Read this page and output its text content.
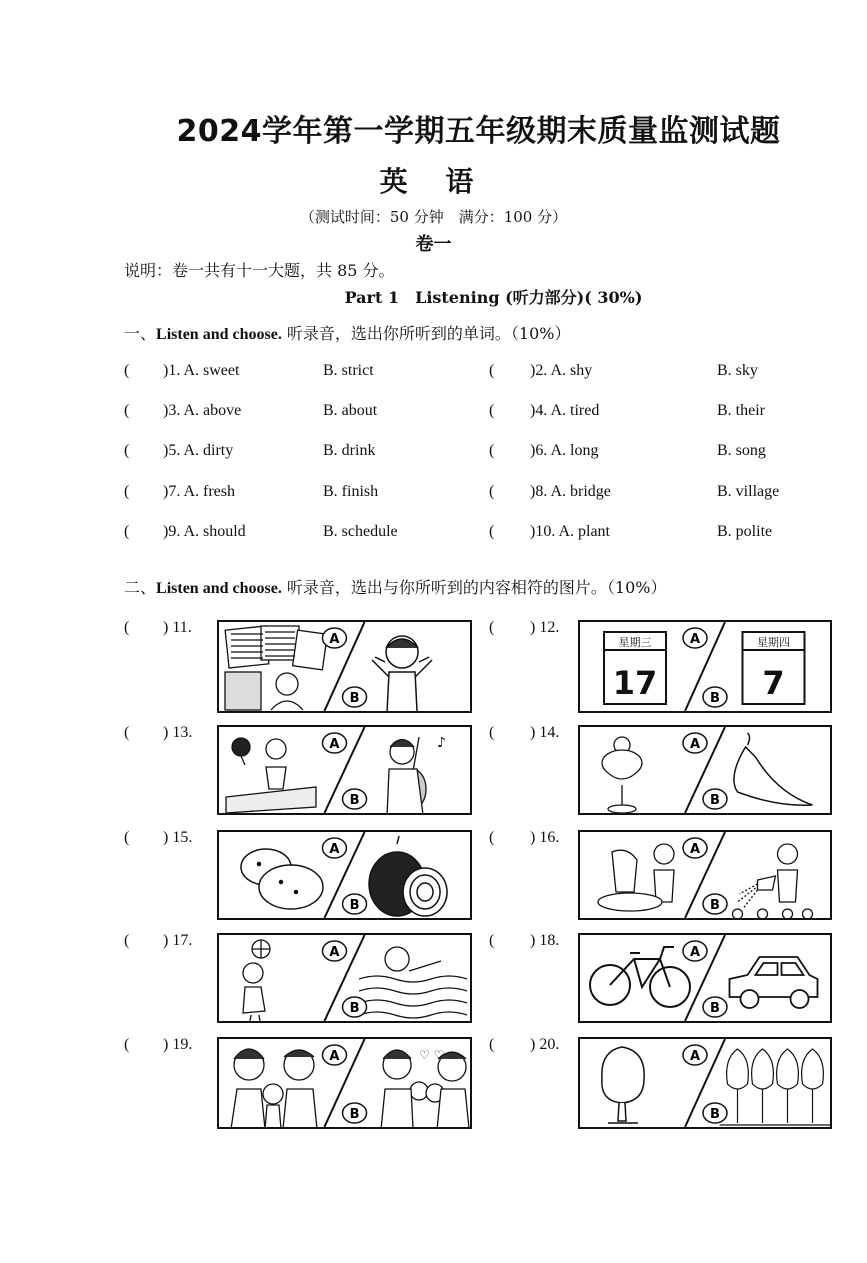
2024学年第一学期五年级期末质量监测试题
英 语
（测试时间：50 分钟　满分：100 分）
卷一
说明：卷一共有十一大题，共 85 分。
Part 1　Listening (听力部分)( 30%)
一、Listen and choose. 听录音，选出你所听到的单词。（10%）
( )1. A. sweet	B. strict	( )2. A. shy	B. sky
( )3. A. above	B. about	( )4. A. tired	B. their
( )5. A. dirty	B. drink	( )6. A. long	B. song
( )7. A. fresh	B. finish	( )8. A. bridge	B. village
( )9. A. should	B. schedule	( )10. A. plant	B. polite
二、Listen and choose. 听录音，选出与你所听到的内容相符的图片。（10%）
( ) 11.
A
B
( ) 12.
星期三
17
星期四
7
A
B
( ) 13.
♪
A
B
( ) 14.
A
B
( ) 15.
A
B
( ) 16.
A
B
( ) 17.
A
B
( ) 18.
A
B
( ) 19.
♡ ♡
A
B
( ) 20.
A
B
